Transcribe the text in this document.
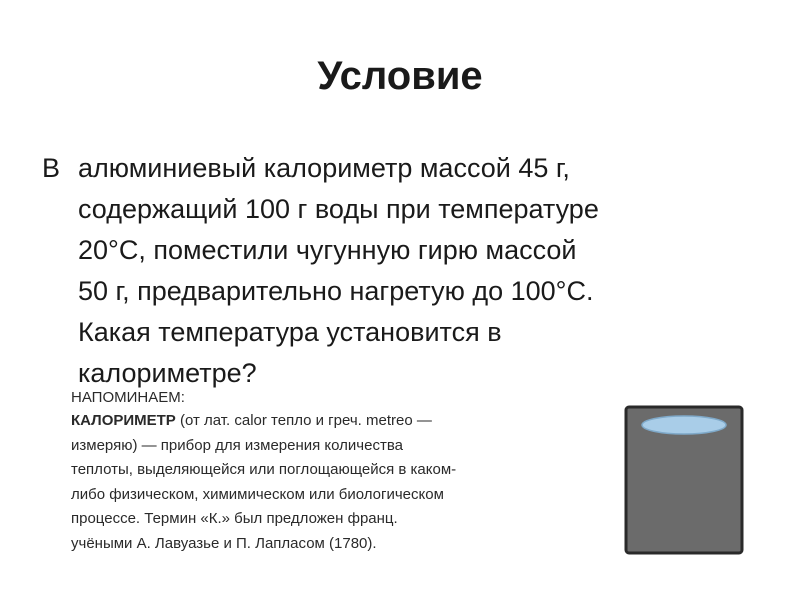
Условие
В алюминиевый калориметр массой 45 г,
содержащий 100 г воды при температуре
20°С, поместили чугунную гирю массой
50 г, предварительно нагретую до 100°С.
Какая температура установится в
калориметре?
НАПОМИНАЕМ:
КАЛОРИМЕТР (от лат. calor тепло и греч. metreo —
измеряю) — прибор для измерения количества
теплоты, выделяющейся или поглощающейся в каком-
либо физическом, химимическом или биологическом
процессе. Термин «К.» был предложен франц.
учёными А. Лавуазье и П. Лапласом (1780).
